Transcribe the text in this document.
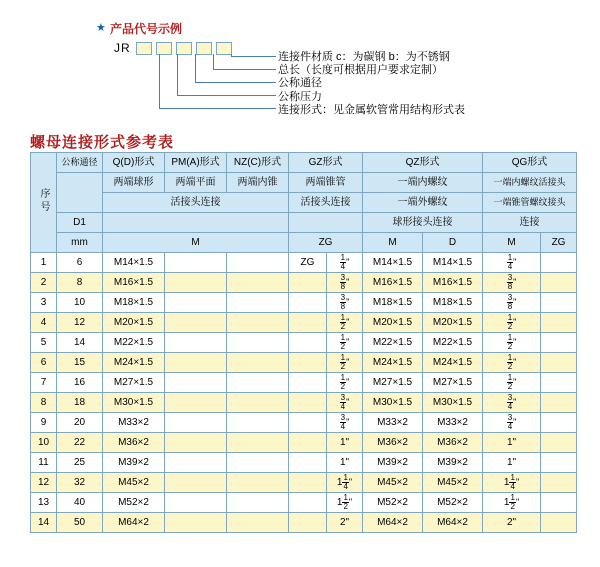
★ 产品代号示例
JR
连接件材质 c：为碳钢 b：为不锈钢
总长（长度可根据用户要求定制）
公称通径
公称压力
连接形式：见金属软管常用结构形式表
螺母连接形式参考表
序号	公称通径	Q(D)形式	PM(A)形式	NZ(C)形式	GZ形式		QZ形式		QG形式	
		两端球形	两端平面	两端内锥	两端锥管		一端内螺纹		一端内螺纹活接头	
		活接头连接			活接头连接		一端外螺纹		一端锥管螺纹接头	
	D1						球形接头连接		连接	
	mm	M			ZG		M	D	M	ZG
1	6	M14×1.5			ZG	$\frac{1}{4}$ "	M14×1.5	M14×1.5	$\frac{1}{4}$ "	
2	8	M16×1.5				$\frac{3}{8}$ "	M16×1.5	M16×1.5	$\frac{3}{8}$ "	
3	10	M18×1.5				$\frac{3}{8}$ "	M18×1.5	M18×1.5	$\frac{3}{8}$ "	
4	12	M20×1.5				$\frac{1}{2}$ "	M20×1.5	M20×1.5	$\frac{1}{2}$ "	
5	14	M22×1.5				$\frac{1}{2}$ "	M22×1.5	M22×1.5	$\frac{1}{2}$ "	
6	15	M24×1.5				$\frac{1}{2}$ "	M24×1.5	M24×1.5	$\frac{1}{2}$ "	
7	16	M27×1.5				$\frac{1}{2}$ "	M27×1.5	M27×1.5	$\frac{1}{2}$ "	
8	18	M30×1.5				$\frac{3}{4}$ "	M30×1.5	M30×1.5	$\frac{3}{4}$ "	
9	20	M33×2				$\frac{3}{4}$ "	M33×2	M33×2	$\frac{3}{4}$ "	
10	22	M36×2				1"	M36×2	M36×2	1"	
11	25	M39×2				1"	M39×2	M39×2	1"	
12	32	M45×2				$1 \frac{1}{4}$ "	M45×2	M45×2	$1 \frac{1}{4}$ "	
13	40	M52×2				$1 \frac{1}{2}$ "	M52×2	M52×2	$1 \frac{1}{2}$ "	
14	50	M64×2				2"	M64×2	M64×2	2"	
